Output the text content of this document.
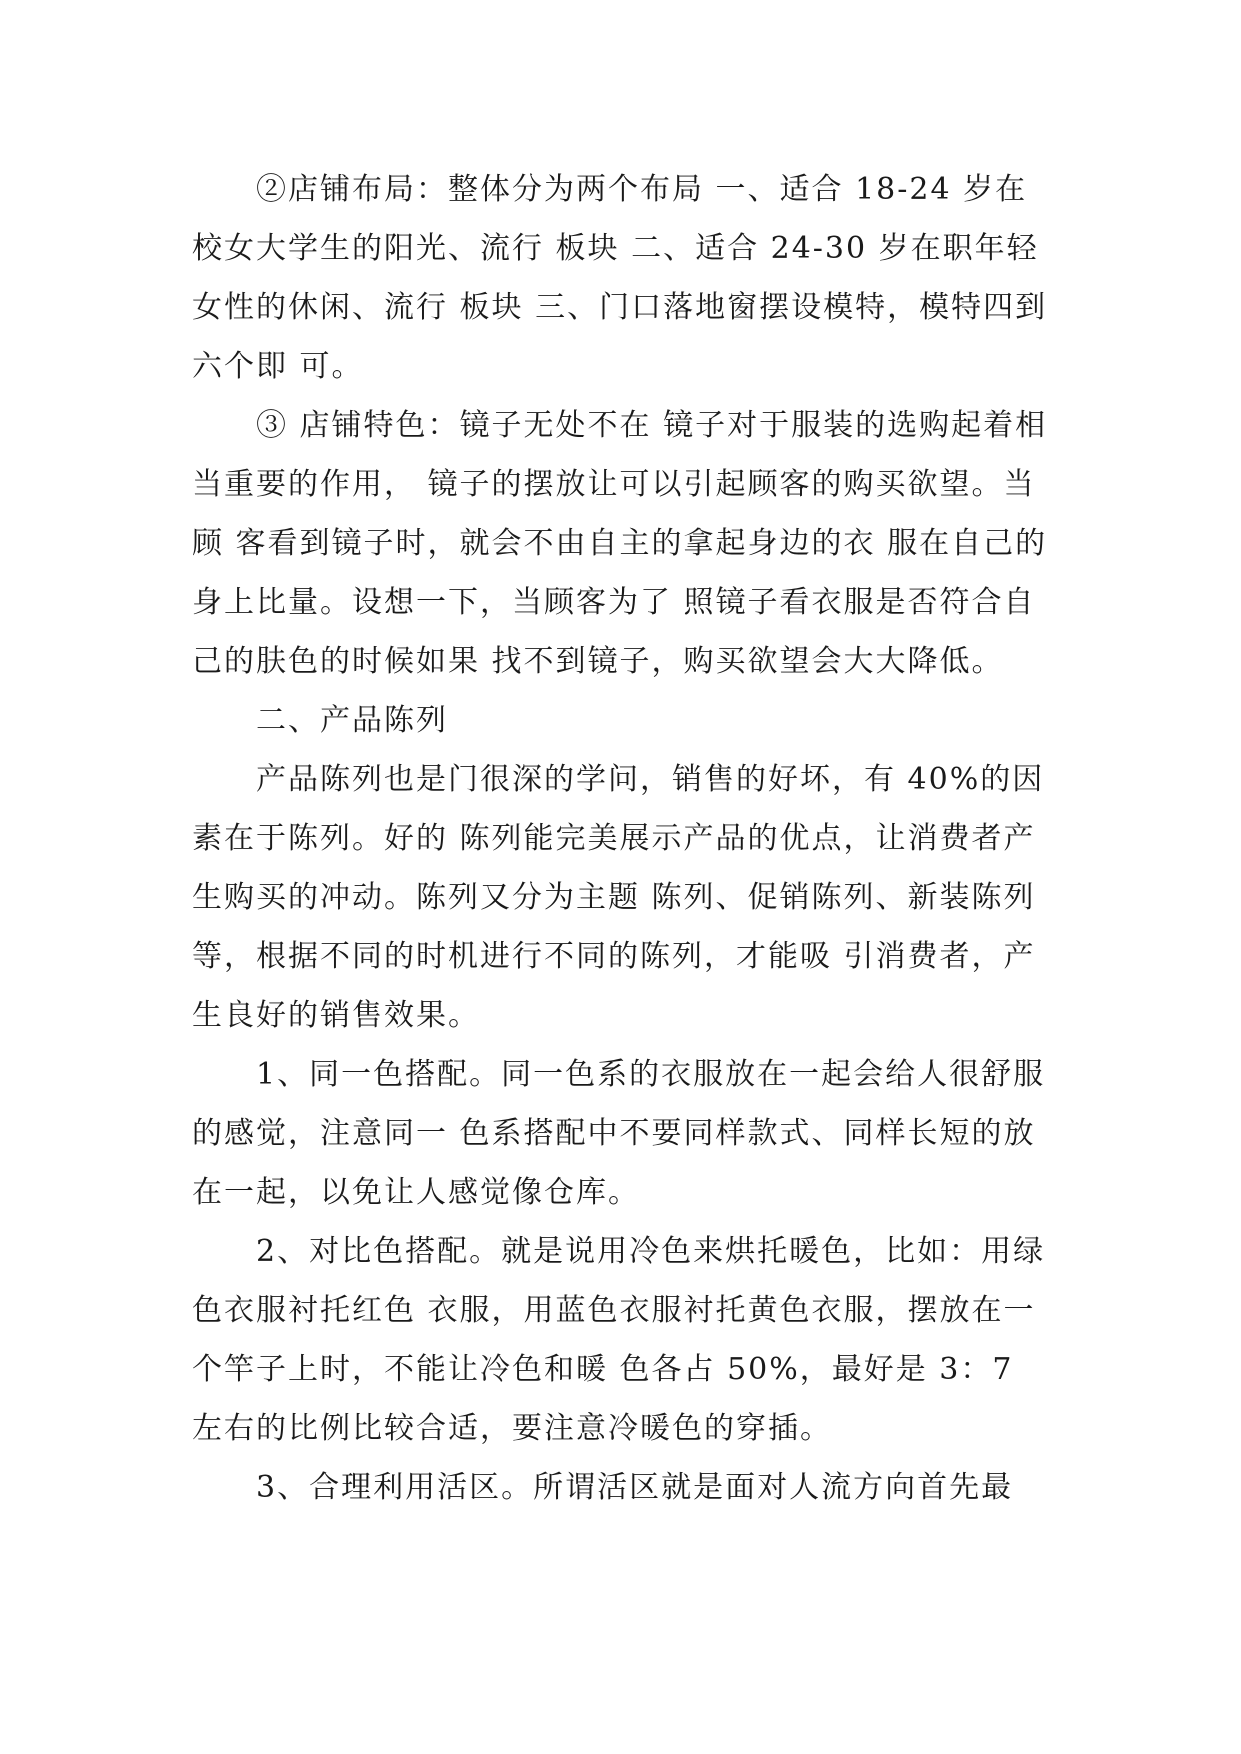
②店铺布局：整体分为两个布局 一、适合 18-24 岁在校女大学生的阳光、流行 板块 二、适合 24-30 岁在职年轻女性的休闲、流行 板块 三、门口落地窗摆设模特，模特四到六个即 可。

③ 店铺特色：镜子无处不在 镜子对于服装的选购起着相当重要的作用， 镜子的摆放让可以引起顾客的购买欲望。当顾 客看到镜子时，就会不由自主的拿起身边的衣 服在自己的身上比量。设想一下，当顾客为了 照镜子看衣服是否符合自己的肤色的时候如果 找不到镜子，购买欲望会大大降低。

二、产品陈列

产品陈列也是门很深的学问，销售的好坏，有 40%的因素在于陈列。好的 陈列能完美展示产品的优点，让消费者产生购买的冲动。陈列又分为主题 陈列、促销陈列、新装陈列等，根据不同的时机进行不同的陈列，才能吸 引消费者，产生良好的销售效果。

1、同一色搭配。同一色系的衣服放在一起会给人很舒服的感觉，注意同一 色系搭配中不要同样款式、同样长短的放在一起，以免让人感觉像仓库。

2、对比色搭配。就是说用冷色来烘托暖色，比如：用绿色衣服衬托红色 衣服，用蓝色衣服衬托黄色衣服，摆放在一个竿子上时，不能让冷色和暖 色各占 50%，最好是 3：7 左右的比例比较合适，要注意冷暖色的穿插。

3、合理利用活区。所谓活区就是面对人流方向首先最
